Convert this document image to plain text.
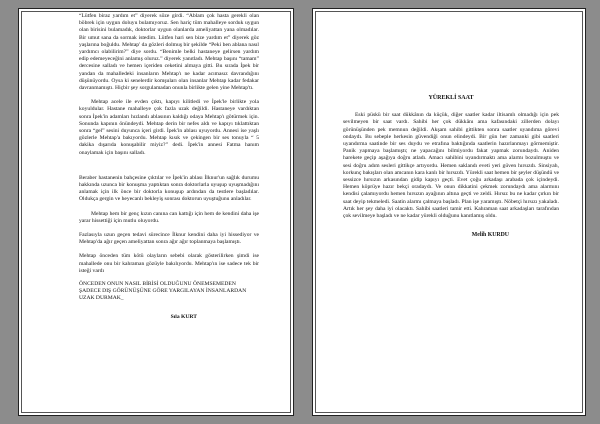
“Lütfen biraz yardım et” diyerek söze girdi. “Ablam çok hasta gerekli olan böbrek için uygun doluyu bulamıyoruz. Sen hariç tüm mahalleye sorduk uygun olan birisini bulamadık, doktorlar uygun olanlarda ameliyattan yana olmadılar. Bir umut sana da sormak istedim. Lütfen hari sen bize yardım et” diyerek göz yaşlarına boğuldu. Mehtap' da gözleri dolmuş bir şekilde “Peki ben ablana nasıl yardımcı olabilirim?” diye sordu. “Benimle belki hastaneye gelirsen yardım edip edemeyeceğini anlamış oluruz.” diyerek yanıtladı. Mehtap başını “tamam” dercesine salladı ve hemen içeriden ceketini almaya gitti. Bu sırada İpek bir yandan da mahalledeki insanların Mehtap'ı ne kadar acımasız davrandığını düşünüyordu. Oysa ki senelerdir komşuları olan insanlar Mehtap kadar fedakar davranmamıştı. Hiçbir şey sorgulamadan onunla birlikte gelen yine Mehtap'tı.

Mehtap acele ile evden çıktı, kapıyı kilitledi ve İpek'le birlikte yola koyuldular. Hastane mahalleye çok fazla uzak değildi. Hastaneye vardıktan sonra İpek'in adamları hızlandı ablasının kaldığı odaya Mehtap'ı götürmek için. Sonunda kapının önündeydi. Mehtap derin bir nefes aldı ve kapıyı tıklattıktan sonra “gel” sesini duyunca içeri girdi. İpek'in ablası uyuyordu. Annesi ise yaşlı gözlerle Mehtap'a bakıyordu. Mehtap kısık ve çekingen bir ses tonuyla “ 5 dakika dışarıda konuşabilir miyiz?” dedi. İpek'in annesi Fatma hanım onaylamak için başını salladı.

Beraber hastanenin bahçesine çıktılar ve İpek'in ablası İlknur'un sağlık durumu hakkında uzunca bir konuşma yaptıktan sonra doktorlarla uyuşup uyuşmadığını anlamak için ilk önce bir doktorla konuşup ardından da testlere başladılar. Oldukça gergin ve heyecanlı bekleyiş sonrası doktorun uyuştuğunu anladılar.

Mehtap hem bir genç kızın canına can kattığı için hem de kendini daha işe yarar hissettiği için mutlu oluyordu.

Fazlasıyla uzun geçen tedavi sürecince İlknur kendini daha iyi hissediyor ve Mehtap'da ağır geçen ameliyattan sonra ağır ağır toplanmaya başlamıştı.

Mehtap önceden tüm kötü olayların sebebi olarak gösterilirken şimdi ise mahallede onu bir kahraman gözüyle bakılıyordu. Mehtap'ın ise sadece tek bir isteği vardı

ÖNCEDEN ONUN NASIL BİRİSİ OLDUĞUNU ÖNEMSEMEDEN ŞADECE DIŞ GÖRÜNÜŞÜNE GÖRE YARGILAYAN İNSANLARDAN UZAK DURMAK_

Sıla KURT

YÜREKLİ SAAT

Eski püskü bir saat dükkânın da küçük, diğer saatler kadar iltisamlı olmadığı için pek sevilmeyen bir saat vardı. Sahibi her çok dükkânı ama kafasındaki zillerden dolayı görünüşünden pek memnun değildi. Akşam sahibi gittikten sonra saatler uyandıma görevi ondaydı. Bu sebeple herkesin güvendiği onun elindeydi. Bir gün her zamanki gibi saatleri uyandırma saatinde bir ses duydu ve etrafına baktığında saatlerin hazırlanmayı görmemiştir. Panik yapmaya başlamıştı; ne yapacağını bilmiyordu fakat yapmak zorundaydı. Aniden harekete geçip aşağıya doğru atladı. Amacı sahibini uyandırmaktı ama alarmı bozulmuştu ve sesi doğru adım sesleri gittikçe artıyordu. Hemen saklandı eveti yeri güven hırsızdı. Sinsiyah, korkunç bakışları olan amcanın kara kanlı bir hırsızdı. Yürekli saat hemen bir şeyler düşündü ve sessizce hırsızın arkasından gidip kapıyı geçti. Evet çoğu arkadaşı arabada çok içindeydi. Hemen köprüye hazır bekçi oradaydı. Ve onun dikkatini çekmek zorundaydı ama alarmını kendisi çalamıyordu hemen hırsızın ayağının altına geçti ve zeldi. Hırsız bu ne kadar çırkın bir saat deyip tekmeledi. Saatin alarmı çalmaya başladı. Plan işe yaramıştı. Nöbetçi hırsızı yakaladı. Artık her şey daha iyi olacaktı. Sahibi saatleri tamir etti. Kahraman saat arkadaşları tarafından çok sevilmeye başladı ve ne kadar yürekli olduğunu kanıtlamış oldu.

Melih KURDU
